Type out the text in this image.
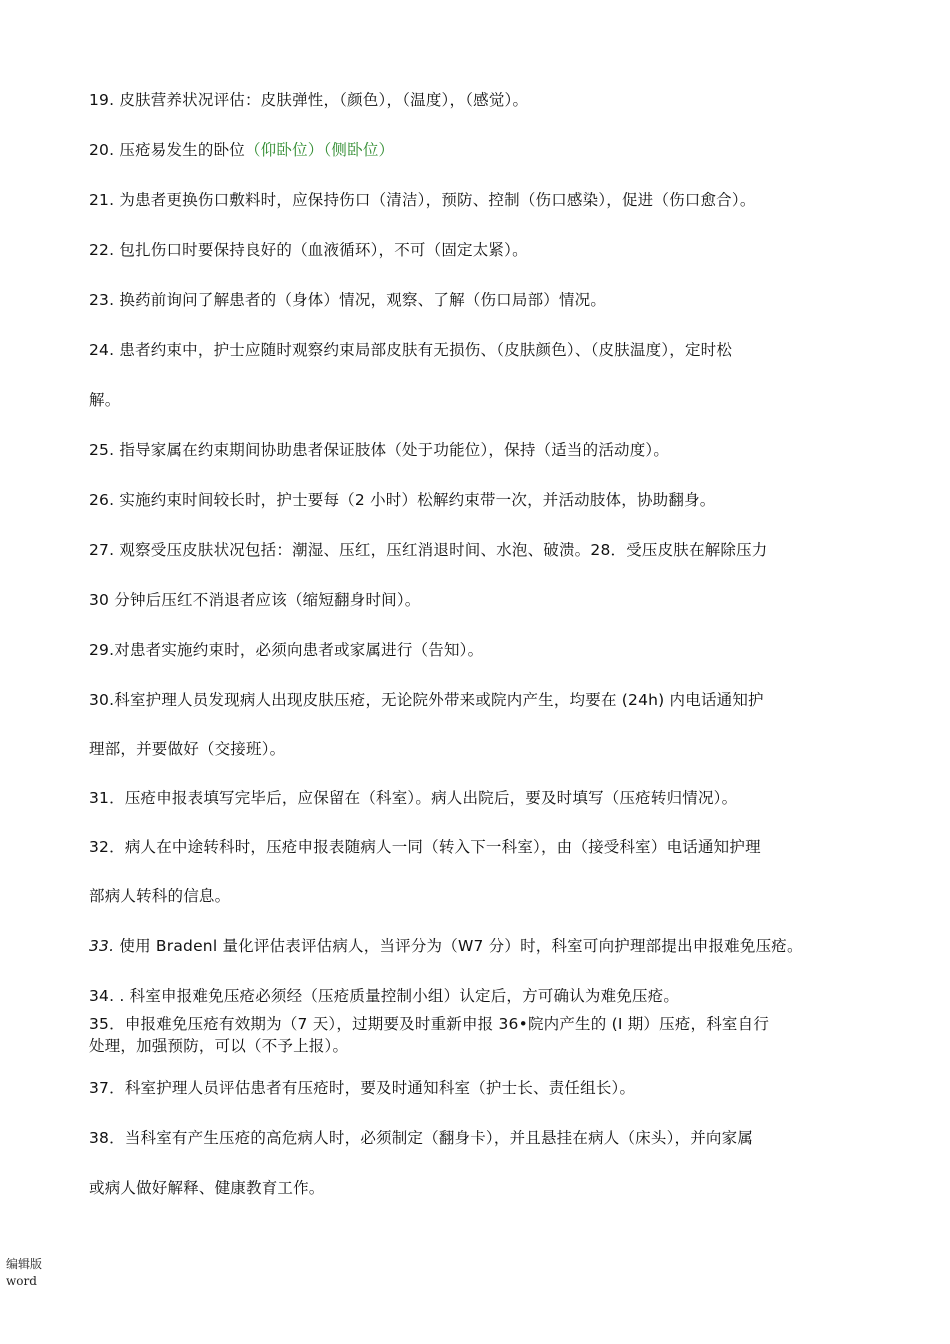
19. 皮肤营养状况评估：皮肤弹性，（颜色），（温度），（感觉）。
20. 压疮易发生的卧位（仰卧位）（侧卧位）
21. 为患者更换伤口敷料时，应保持伤口（清洁），预防、控制（伤口感染），促进（伤口愈合）。
22. 包扎伤口时要保持良好的（血液循环），不可（固定太紧）。
23. 换药前询问了解患者的（身体）情况，观察、了解（伤口局部）情况。
24. 患者约束中，护士应随时观察约束局部皮肤有无损伤、（皮肤颜色）、（皮肤温度），定时松
解。
25. 指导家属在约束期间协助患者保证肢体（处于功能位），保持（适当的活动度）。
26. 实施约束时间较长时，护士要每（2 小时）松解约束带一次，并活动肢体，协助翻身。
27. 观察受压皮肤状况包括：潮湿、压红，压红消退时间、水泡、破溃。28．受压皮肤在解除压力
30 分钟后压红不消退者应该（缩短翻身时间）。
29.对患者实施约束时，必须向患者或家属进行（告知）。
30.科室护理人员发现病人出现皮肤压疮，无论院外带来或院内产生，均要在 (24h) 内电话通知护
理部，并要做好（交接班）。
31．压疮申报表填写完毕后，应保留在（科室）。病人出院后，要及时填写（压疮转归情况）。
32．病人在中途转科时，压疮申报表随病人一同（转入下一科室），由（接受科室）电话通知护理
部病人转科的信息。
33. 使用 Bradenl 量化评估表评估病人，当评分为（W7 分）时，科室可向护理部提出申报难免压疮。
34. . 科室申报难免压疮必须经（压疮质量控制小组）认定后，方可确认为难免压疮。
35．申报难免压疮有效期为（7 天），过期要及时重新申报 36•院内产生的 (I 期）压疮，科室自行
处理，加强预防，可以（不予上报）。
37．科室护理人员评估患者有压疮时，要及时通知科室（护士长、责任组长）。
38．当科室有产生压疮的高危病人时，必须制定（翻身卡），并且悬挂在病人（床头），并向家属
或病人做好解释、健康教育工作。
编辑版
word
